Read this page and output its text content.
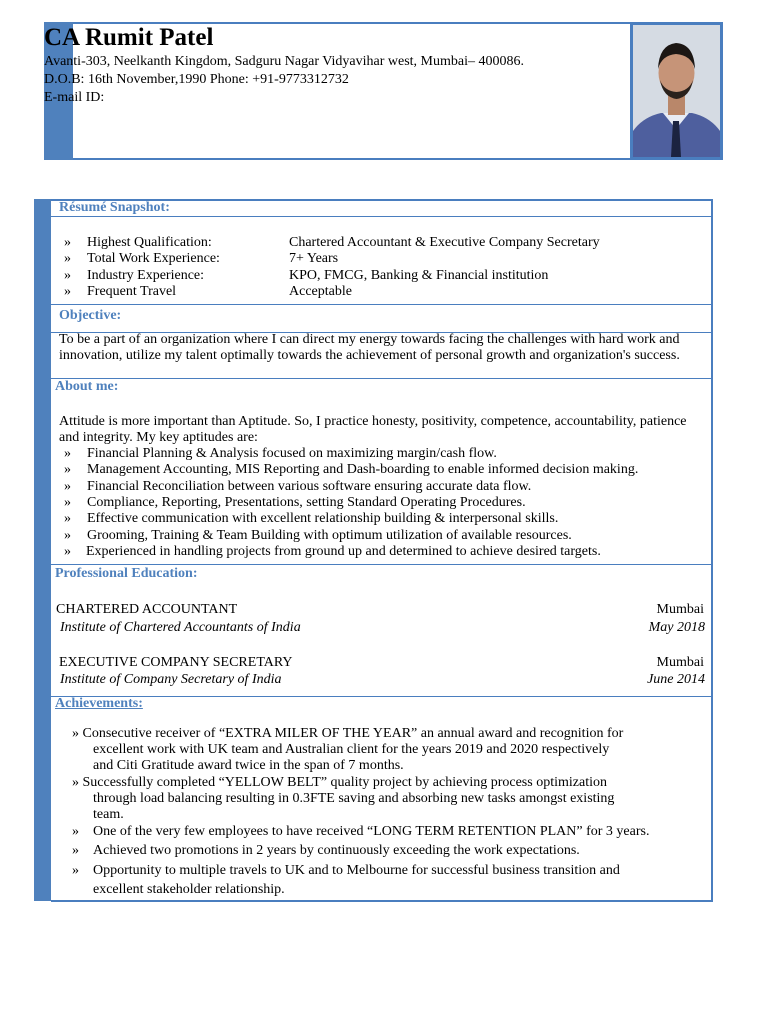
CA Rumit Patel
Avanti-303, Neelkanth Kingdom, Sadguru Nagar Vidyavihar west, Mumbai– 400086.
D.O.B: 16th November,1990 Phone: +91-9773312732
E-mail ID:
Résumé Snapshot:
» Highest Qualification:	Chartered Accountant & Executive Company Secretary
» Total Work Experience:	7+ Years
» Industry Experience:	KPO, FMCG, Banking & Financial institution
» Frequent Travel	Acceptable
Objective:
To be a part of an organization where I can direct my energy towards facing the challenges with hard work and
innovation, utilize my talent optimally towards the achievement of personal growth and organization's success.
About me:
Attitude is more important than Aptitude. So, I practice honesty, positivity, competence, accountability, patience
and integrity. My key aptitudes are:
» Financial Planning & Analysis focused on maximizing margin/cash flow.
» Management Accounting, MIS Reporting and Dash-boarding to enable informed decision making.
» Financial Reconciliation between various software ensuring accurate data flow.
» Compliance, Reporting, Presentations, setting Standard Operating Procedures.
» Effective communication with excellent relationship building & interpersonal skills.
» Grooming, Training & Team Building with optimum utilization of available resources.
» Experienced in handling projects from ground up and determined to achieve desired targets.
Professional Education:
CHARTERED ACCOUNTANT	Mumbai
Institute of Chartered Accountants of India	May 2018
EXECUTIVE COMPANY SECRETARY	Mumbai
Institute of Company Secretary of India	June 2014
Achievements:
» Consecutive receiver of “EXTRA MILER OF THE YEAR” an annual award and recognition for
excellent work with UK team and Australian client for the years 2019 and 2020 respectively
and Citi Gratitude award twice in the span of 7 months.
» Successfully completed “YELLOW BELT” quality project by achieving process optimization
through load balancing resulting in 0.3FTE saving and absorbing new tasks amongst existing
team.
» One of the very few employees to have received “LONG TERM RETENTION PLAN” for 3 years.
» Achieved two promotions in 2 years by continuously exceeding the work expectations.
» Opportunity to multiple travels to UK and to Melbourne for successful business transition and
excellent stakeholder relationship.
